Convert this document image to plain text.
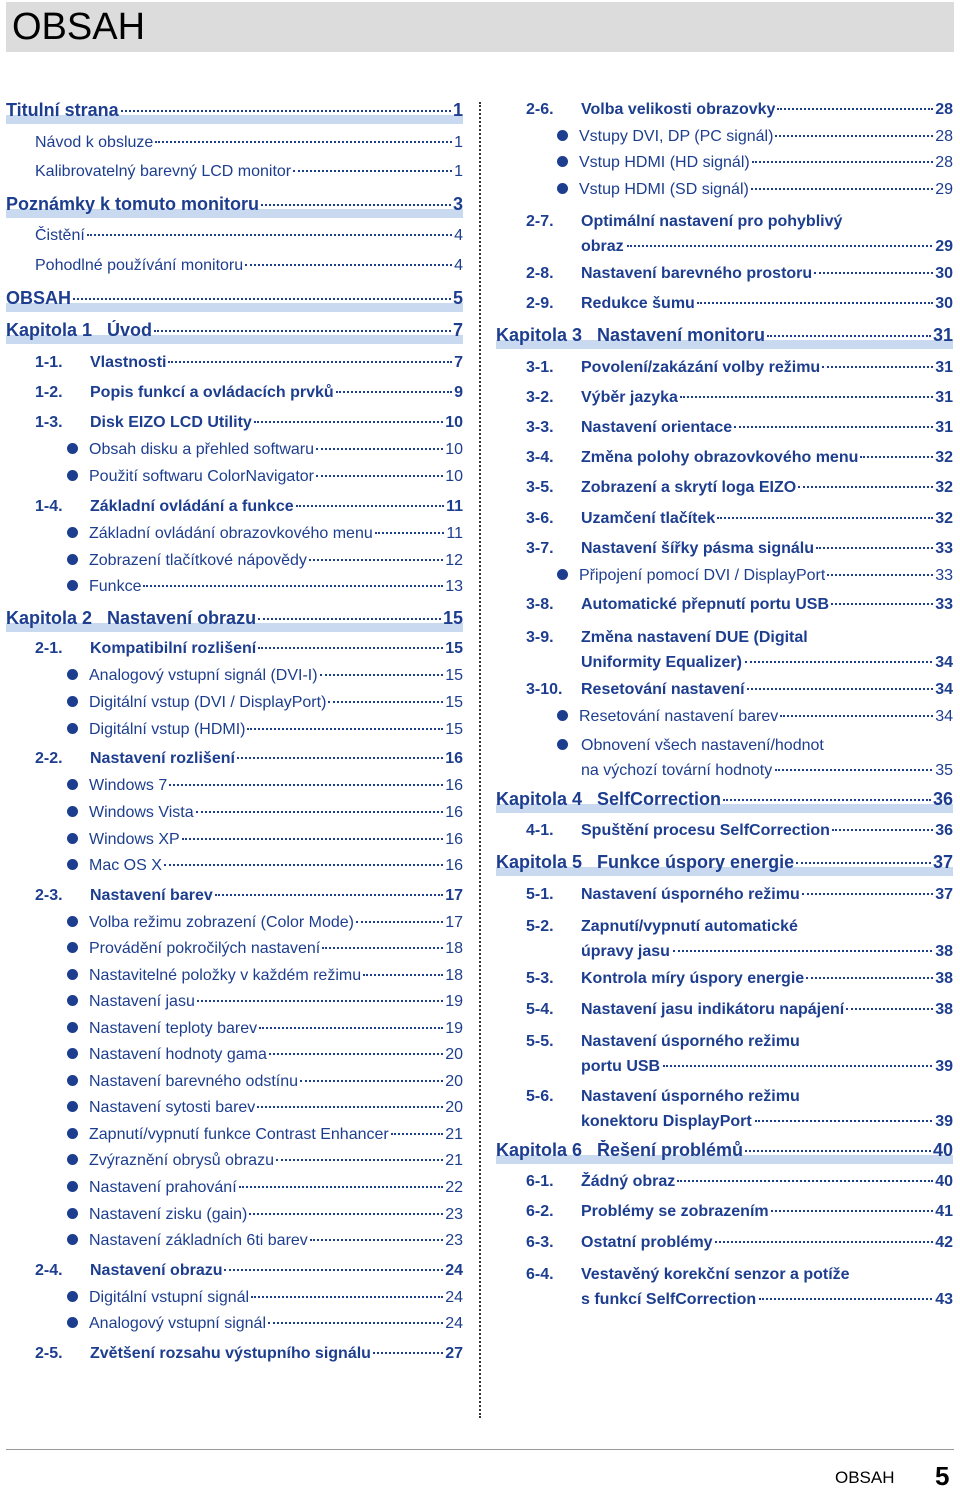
OBSAH
Titulní strana	1
Návod k obsluze	1
Kalibrovatelný barevný LCD monitor	1
Poznámky k tomuto monitoru	3
Čistění	4
Pohodlné používání monitoru	4
OBSAH	5
Kapitola 1   Úvod	7
1-1.	Vlastnosti	7
1-2.	Popis funkcí a ovládacích prvků	9
1-3.	Disk EIZO LCD Utility	10
Obsah disku a přehled softwaru	10
Použití softwaru ColorNavigator	10
1-4.	Základní ovládání a funkce	11
Základní ovládání obrazovkového menu	11
Zobrazení tlačítkové nápovědy	12
Funkce	13
Kapitola 2   Nastavení obrazu	15
2-1.	Kompatibilní rozlišení	15
Analogový vstupní signál (DVI-I)	15
Digitální vstup (DVI / DisplayPort)	15
Digitální vstup (HDMI)	15
2-2.	Nastavení rozlišení	16
Windows 7	16
Windows Vista	16
Windows XP	16
Mac OS X	16
2-3.	Nastavení barev	17
Volba režimu zobrazení (Color Mode)	17
Provádění pokročilých nastavení	18
Nastavitelné položky v každém režimu	18
Nastavení jasu	19
Nastavení teploty barev	19
Nastavení hodnoty gama	20
Nastavení barevného odstínu	20
Nastavení sytosti barev	20
Zapnutí/vypnutí funkce Contrast Enhancer	21
Zvýraznění obrysů obrazu	21
Nastavení prahování	22
Nastavení zisku (gain)	23
Nastavení základních 6ti barev	23
2-4.	Nastavení obrazu	24
Digitální vstupní signál	24
Analogový vstupní signál	24
2-5.	Zvětšení rozsahu výstupního signálu	27
2-6.	Volba velikosti obrazovky	28
Vstupy DVI, DP (PC signál)	28
Vstup HDMI (HD signál)	28
Vstup HDMI (SD signál)	29
2-7. Optimální nastavení pro pohyblivý
obraz	29
2-8.	Nastavení barevného prostoru	30
2-9.	Redukce šumu	30
Kapitola 3   Nastavení monitoru	31
3-1.	Povolení/zakázání volby režimu	31
3-2.	Výběr jazyka	31
3-3.	Nastavení orientace	31
3-4.	Změna polohy obrazovkového menu	32
3-5.	Zobrazení a skrytí loga EIZO	32
3-6.	Uzamčení tlačítek	32
3-7.	Nastavení šířky pásma signálu	33
Připojení pomocí DVI / DisplayPort	33
3-8.	Automatické přepnutí portu USB	33
3-9. Změna nastavení DUE (Digital
Uniformity Equalizer)	34
3-10.	Resetování nastavení	34
Resetování nastavení barev	34
Obnovení všech nastavení/hodnot
na výchozí tovární hodnoty	35
Kapitola 4   SelfCorrection	36
4-1.	Spuštění procesu SelfCorrection	36
Kapitola 5   Funkce úspory energie	37
5-1.	Nastavení úsporného režimu	37
5-2. Zapnutí/vypnutí automatické
úpravy jasu	38
5-3.	Kontrola míry úspory energie	38
5-4.	Nastavení jasu indikátoru napájení	38
5-5. Nastavení úsporného režimu
portu USB	39
5-6. Nastavení úsporného režimu
konektoru DisplayPort	39
Kapitola 6   Řešení problémů	40
6-1.	Žádný obraz	40
6-2.	Problémy se zobrazením	41
6-3.	Ostatní problémy	42
6-4. Vestavěný korekční senzor a potíže
s funkcí SelfCorrection	43
OBSAH 5
